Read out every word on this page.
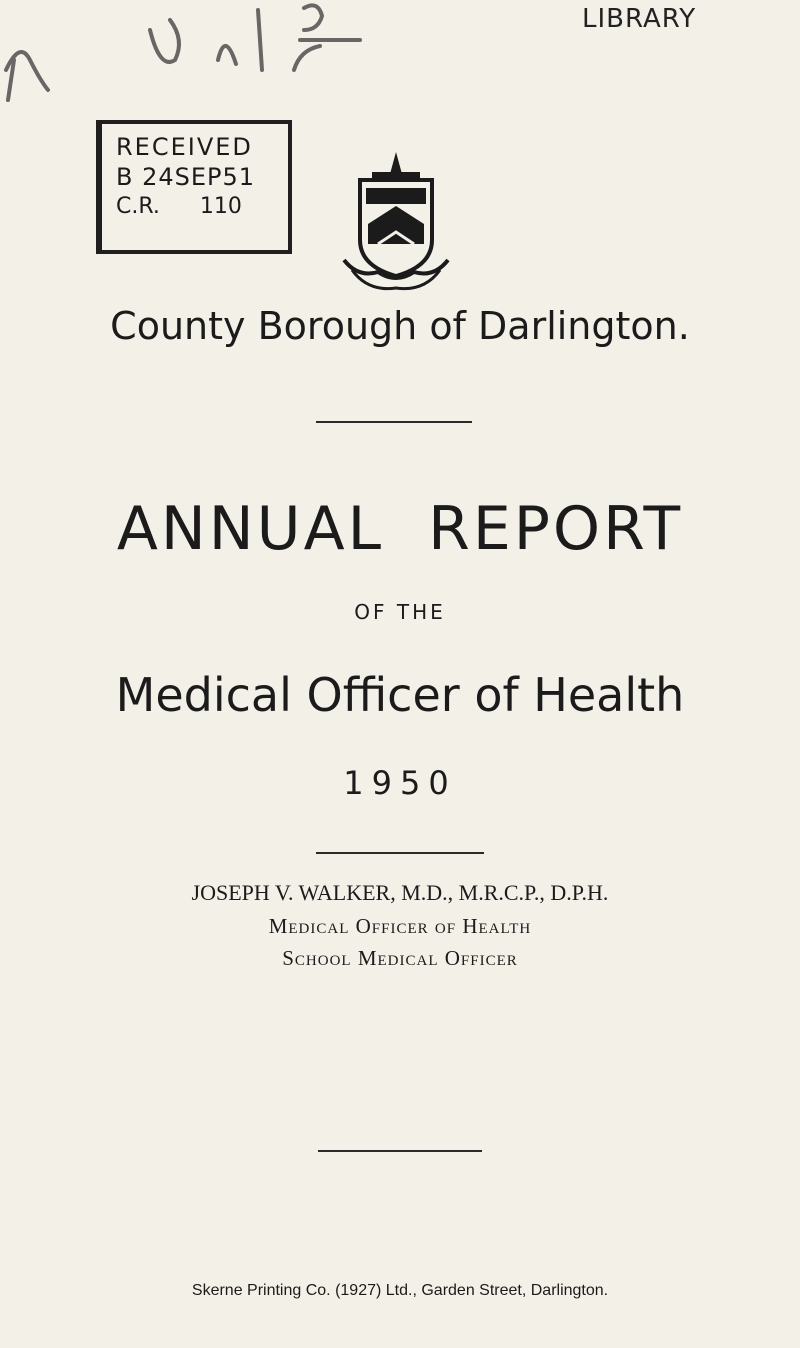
LIBRARY
RECEIVED
B 24SEP51
C.R. 110
County Borough of Darlington.
ANNUAL REPORT
OF THE
Medical Officer of Health
1950
JOSEPH V. WALKER, M.D., M.R.C.P., D.P.H.
Medical Officer of Health
School Medical Officer
Skerne Printing Co. (1927) Ltd., Garden Street, Darlington.
